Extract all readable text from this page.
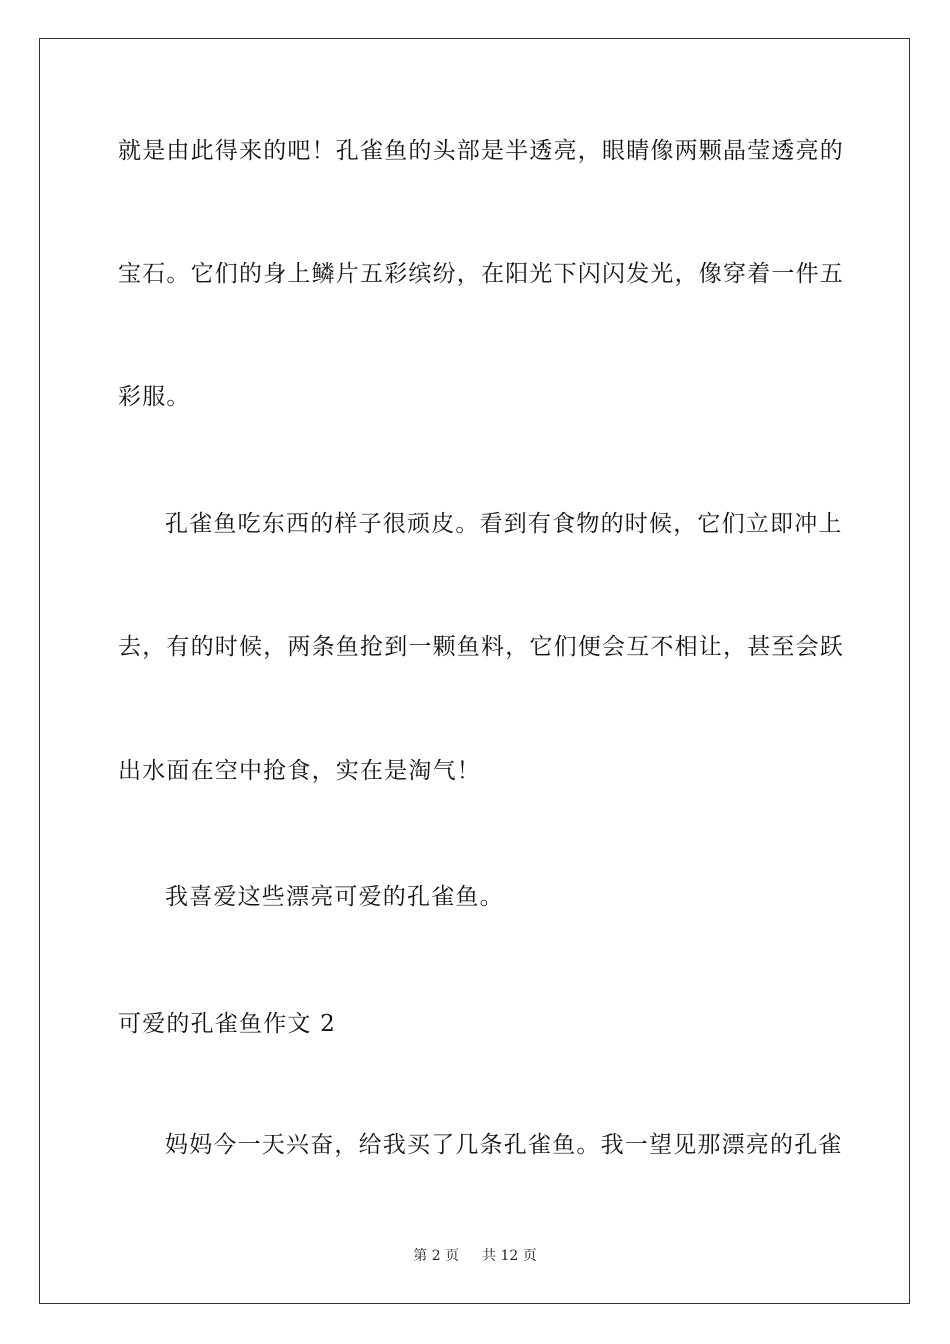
就是由此得来的吧！孔雀鱼的头部是半透亮，眼睛像两颗晶莹透亮的
宝石。它们的身上鳞片五彩缤纷，在阳光下闪闪发光，像穿着一件五
彩服。
孔雀鱼吃东西的样子很顽皮。看到有食物的时候，它们立即冲上
去，有的时候，两条鱼抢到一颗鱼料，它们便会互不相让，甚至会跃
出水面在空中抢食，实在是淘气！
我喜爱这些漂亮可爱的孔雀鱼。
可爱的孔雀鱼作文 2
妈妈今一天兴奋，给我买了几条孔雀鱼。我一望见那漂亮的孔雀
第 2 页 共 12 页
